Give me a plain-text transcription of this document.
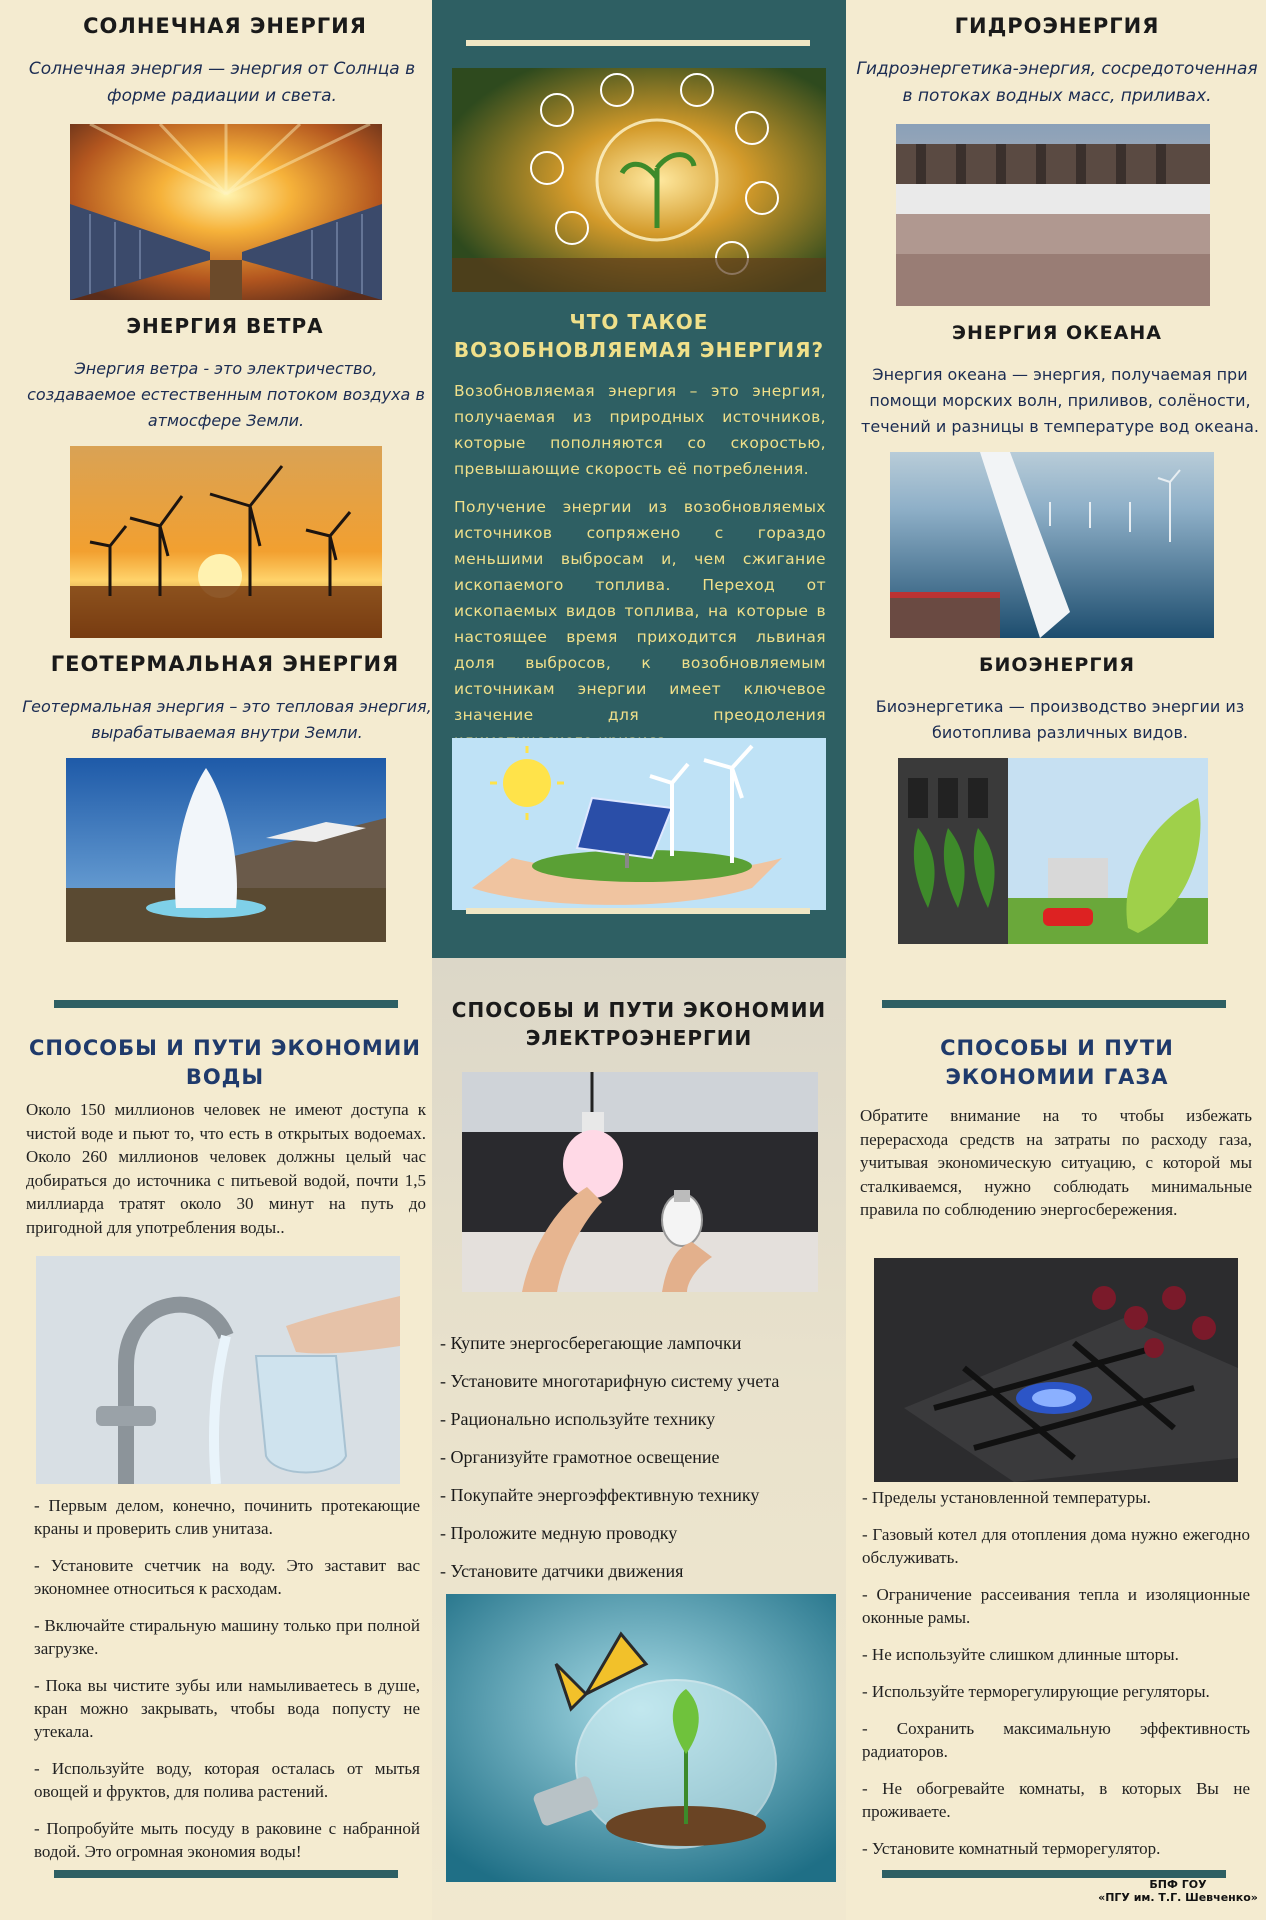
СОЛНЕЧНАЯ ЭНЕРГИЯ
Солнечная энергия — энергия от Солнца в форме радиации и света.
ЭНЕРГИЯ ВЕТРА
Энергия ветра - это электричество, создаваемое естественным потоком воздуха в атмосфере Земли.
ГЕОТЕРМАЛЬНАЯ ЭНЕРГИЯ
Геотермальная энергия – это тепловая энергия, вырабатываемая внутри Земли.
СПОСОБЫ И ПУТИ ЭКОНОМИИ ВОДЫ
Около 150 миллионов человек не имеют доступа к чистой воде и пьют то, что есть в открытых водоемах. Около 260 миллионов человек должны целый час добираться до источника с питьевой водой, почти 1,5 миллиарда тратят около 30 минут на путь до пригодной для употребления воды..

- Первым делом, конечно, починить протекающие краны и проверить слив унитаза.

- Установите счетчик на воду. Это заставит вас экономнее относиться к расходам.

- Включайте стиральную машину только при полной загрузке.

- Пока вы чистите зубы или намыливаетесь в душе, кран можно закрывать, чтобы вода попусту не утекала.

- Используйте воду, которая осталась от мытья овощей и фруктов, для полива растений.

- Попробуйте мыть посуду в раковине с набранной водой. Это огромная экономия воды!

ЧТО ТАКОЕ
ВОЗОБНОВЛЯЕМАЯ ЭНЕРГИЯ?
Возобновляемая энергия – это энергия, получаемая из природных источников, которые пополняются со скоростью, превышающие скорость её потребления.
Получение энергии из возобновляемых источников сопряжено с гораздо меньшими выбросам и, чем сжигание ископаемого топлива. Переход от ископаемых видов топлива, на которые в настоящее время приходится львиная доля выбросов, к возобновляемым источникам энергии имеет ключевое значение для преодоления
СПОСОБЫ И ПУТИ ЭКОНОМИИ
ЭЛЕКТРОЭНЕРГИИ

- Купите энергосберегающие лампочки

- Установите многотарифную систему учета

- Рационально используйте технику

- Организуйте грамотное освещение

- Покупайте энергоэффективную технику

- Проложите медную проводку

- Установите датчики движения

ГИДРОЭНЕРГИЯ
Гидроэнергетика-энергия, сосредоточенная в потоках водных масс, приливах.
ЭНЕРГИЯ ОКЕАНА
Энергия океана — энергия, получаемая при помощи морских волн, приливов, солёности, течений и разницы в температуре вод океана.
БИОЭНЕРГИЯ
Биоэнергетика — производство энергии из биотоплива различных видов.
СПОСОБЫ И ПУТИ
ЭКОНОМИИ ГАЗА
Обратите внимание на то чтобы избежать перерасхода средств на затраты по расходу газа, учитывая экономическую ситуацию, с которой мы сталкиваемся, нужно соблюдать минимальные правила по соблюдению энергосбережения.

- Пределы установленной температуры.

- Газовый котел для отопления дома нужно ежегодно обслуживать.

- Ограничение рассеивания тепла и изоляционные оконные рамы.

- Не используйте слишком длинные шторы.

- Используйте терморегулирующие регуляторы.

- Сохранить максимальную эффективность радиаторов.

- Не обогревайте комнаты, в которых Вы не проживаете.

- Установите комнатный терморегулятор.

БПФ ГОУ
«ПГУ им. Т.Г. Шевченко»
